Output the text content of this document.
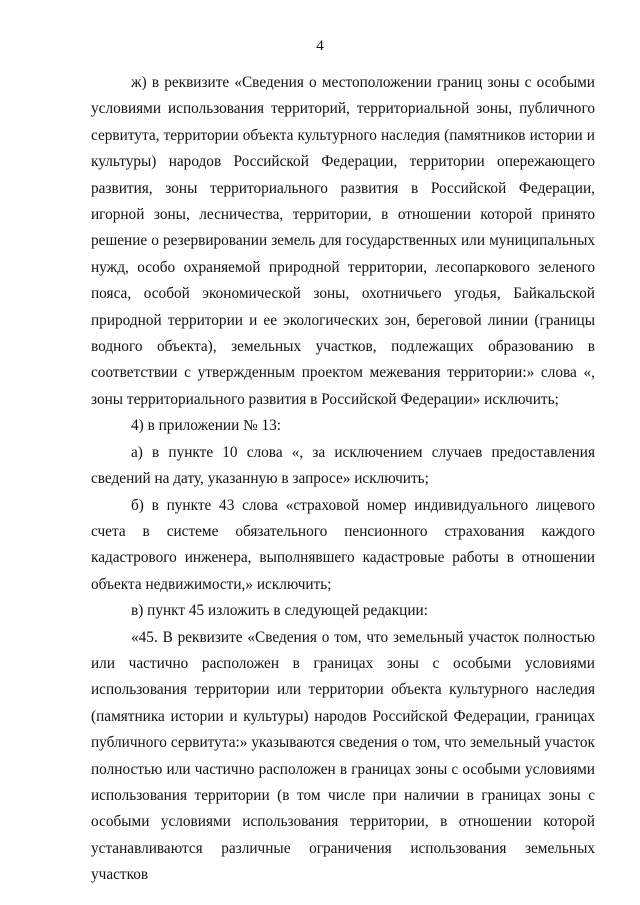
4

ж) в реквизите «Сведения о местоположении границ зоны с особыми условиями использования территорий, территориальной зоны, публичного сервитута, территории объекта культурного наследия (памятников истории и культуры) народов Российской Федерации, территории опережающего развития, зоны территориального развития в Российской Федерации, игорной зоны, лесничества, территории, в отношении которой принято решение о резервировании земель для государственных или муниципальных нужд, особо охраняемой природной территории, лесопаркового зеленого пояса, особой экономической зоны, охотничьего угодья, Байкальской природной территории и ее экологических зон, береговой линии (границы водного объекта), земельных участков, подлежащих образованию в соответствии с утвержденным проектом межевания территории:» слова «, зоны территориального развития в Российской Федерации» исключить;

4) в приложении № 13:

а) в пункте 10 слова «, за исключением случаев предоставления сведений на дату, указанную в запросе» исключить;

б) в пункте 43 слова «страховой номер индивидуального лицевого счета в системе обязательного пенсионного страхования каждого кадастрового инженера, выполнявшего кадастровые работы в отношении объекта недвижимости,» исключить;

в) пункт 45 изложить в следующей редакции:

«45. В реквизите «Сведения о том, что земельный участок полностью или частично расположен в границах зоны с особыми условиями использования территории или территории объекта культурного наследия (памятника истории и культуры) народов Российской Федерации, границах публичного сервитута:» указываются сведения о том, что земельный участок полностью или частично расположен в границах зоны с особыми условиями использования территории (в том числе при наличии в границах зоны с особыми условиями использования территории, в отношении которой устанавливаются различные ограничения использования земельных участков
